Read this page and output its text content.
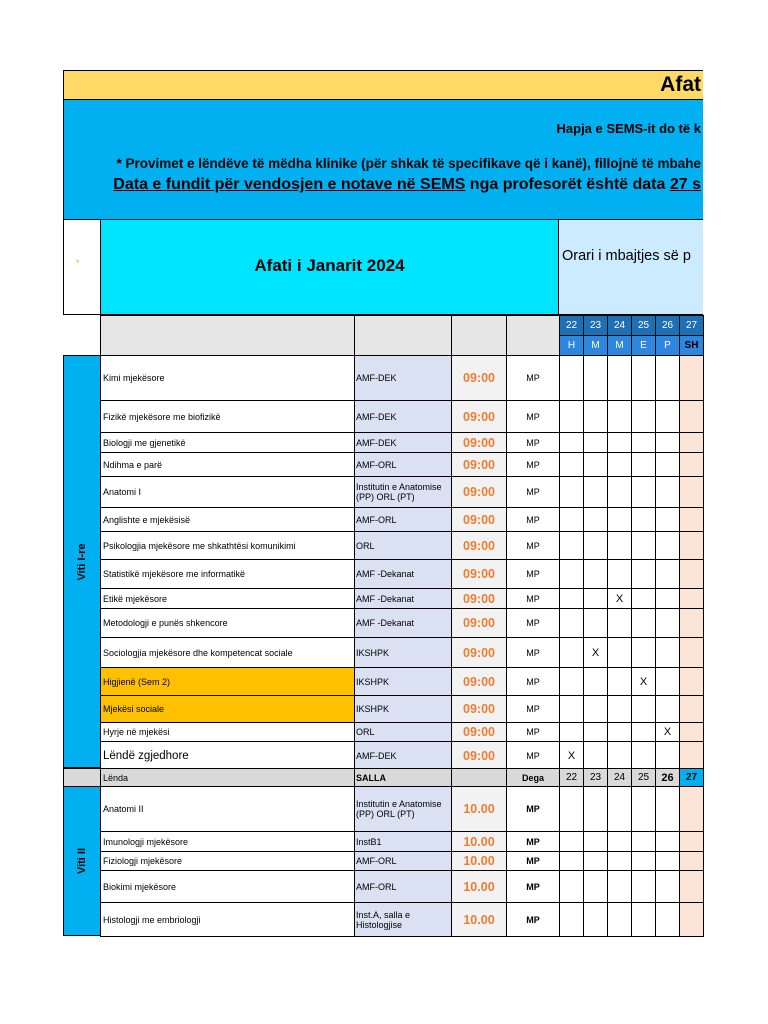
Afat
Hapja e SEMS-it do të k
* Provimet e lëndëve të mëdha klinike (për shkak të specifikave që i kanë), fillojnë të mbahe
Data e fundit për vendosjen e notave në SEMS nga profesorët është data 27 s
*	Afati i Janarit 2024	Orari i mbajtjes së p

22	23	24	25	26	27
H	M	M	E	P	SH
Viti I-re
Kimi mjekësore	AMF-DEK	09:00	MP						
Fizikë mjekësore me biofizikë	AMF-DEK	09:00	MP						
Biologji me gjenetikë	AMF-DEK	09:00	MP						
Ndihma e parë	AMF-ORL	09:00	MP						
Anatomi I	Institutin e Anatomise (PP) ORL (PT)	09:00	MP						
Anglishte e mjekësisë	AMF-ORL	09:00	MP						
Psikologjia mjekësore me shkathtësi komunikimi	ORL	09:00	MP						
Statistikë mjekësore me informatikë	AMF -Dekanat	09:00	MP						
Etikë mjekësore	AMF -Dekanat	09:00	MP			X			
Metodologji e punës shkencore	AMF -Dekanat	09:00	MP						
Sociologjia mjekësore dhe kompetencat sociale	IKSHPK	09:00	MP		X				
Higjienë (Sem 2)	IKSHPK	09:00	MP				X		
Mjekësi sociale	IKSHPK	09:00	MP						
Hyrje në mjekësi	ORL	09:00	MP					X	
Lëndë zgjedhore	AMF-DEK	09:00	MP	X					
	Lënda	SALLA		Dega	22	23	24	25	26	27
Viti II
Anatomi II	Institutin e Anatomise (PP) ORL (PT)	10.00	MP						
Imunologji mjekësore	InstB1	10.00	MP						
Fiziologji mjekësore	AMF-ORL	10.00	MP						
Biokimi mjekësore	AMF-ORL	10.00	MP						
Histologji me embriologji	Inst.A, salla e Histologjise	10.00	MP						
